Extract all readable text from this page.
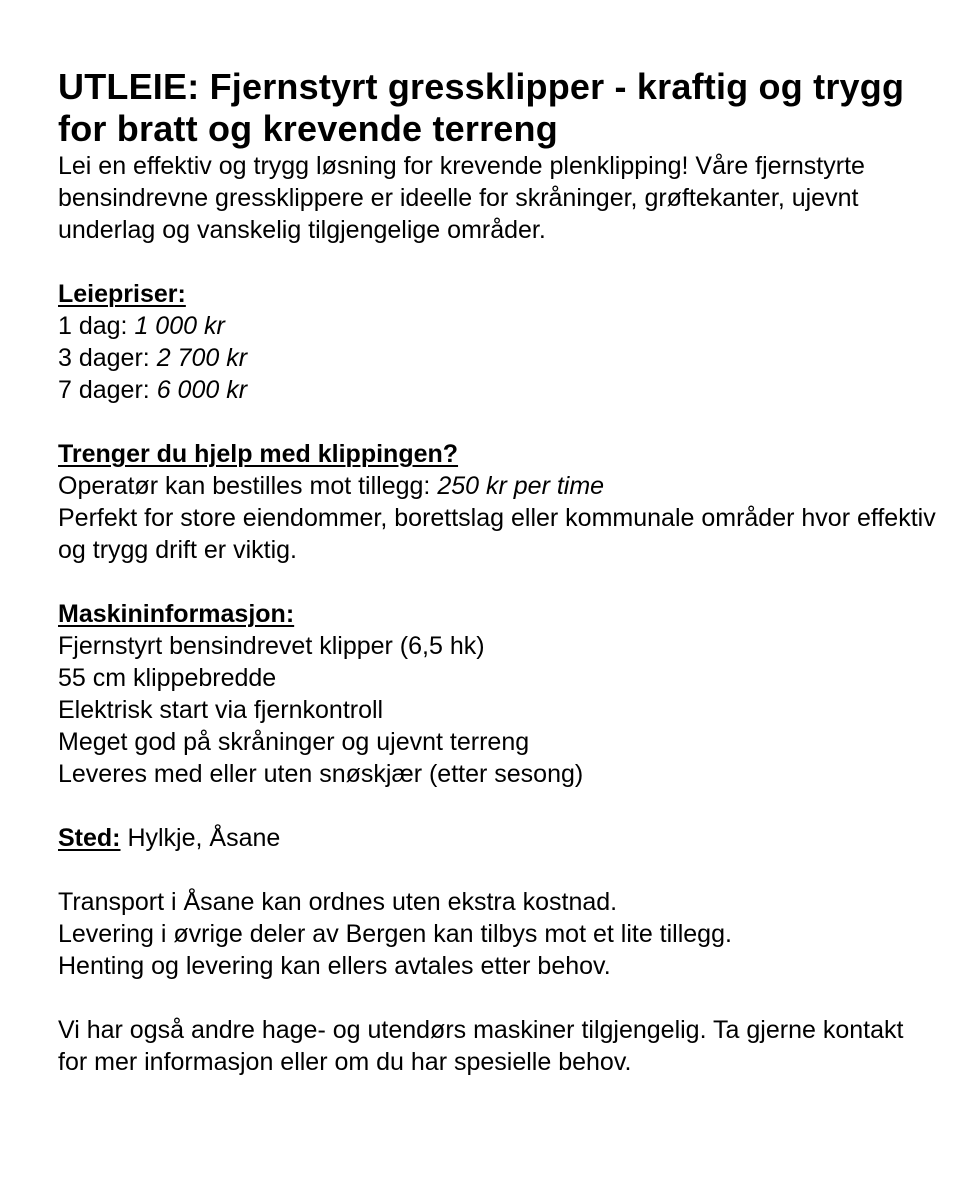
UTLEIE: Fjernstyrt gressklipper - kraftig og trygg for bratt og krevende terreng

Lei en effektiv og trygg løsning for krevende plenklipping! Våre fjernstyrte bensindrevne gressklippere er ideelle for skråninger, grøftekanter, ujevnt underlag og vanskelig tilgjengelige områder.

Leiepriser:
1 dag: 1 000 kr
3 dager: 2 700 kr
7 dager: 6 000 kr
Trenger du hjelp med klippingen?
Operatør kan bestilles mot tillegg: 250 kr per time

Perfekt for store eiendommer, borettslag eller kommunale områder hvor effektiv og trygg drift er viktig.

Maskininformasjon:
Fjernstyrt bensindrevet klipper (6,5 hk)
55 cm klippebredde
Elektrisk start via fjernkontroll
Meget god på skråninger og ujevnt terreng
Leveres med eller uten snøskjær (etter sesong)
Sted: Hylkje, Åsane
Transport i Åsane kan ordnes uten ekstra kostnad.
Levering i øvrige deler av Bergen kan tilbys mot et lite tillegg.
Henting og levering kan ellers avtales etter behov.

Vi har også andre hage- og utendørs maskiner tilgjengelig. Ta gjerne kontakt for mer informasjon eller om du har spesielle behov.
